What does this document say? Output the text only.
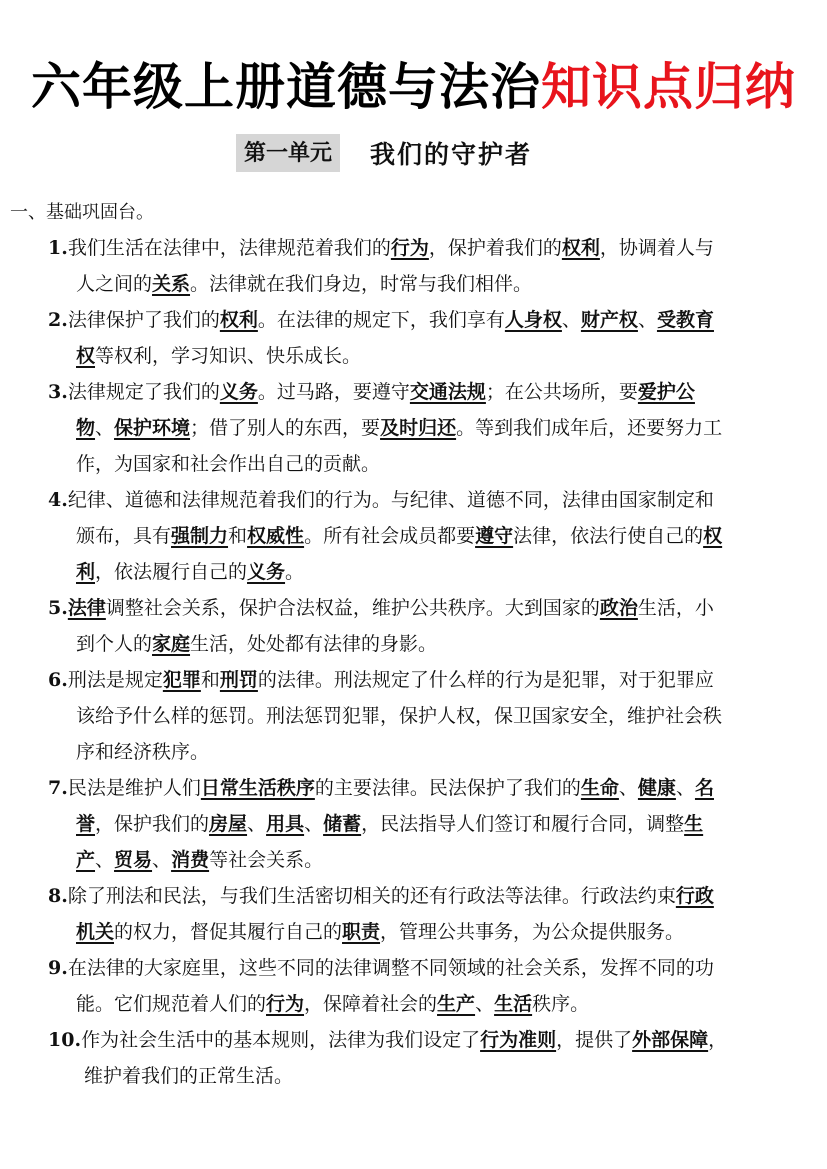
六年级上册道德与法治知识点归纳
第一单元	我们的守护者
一、基础巩固台。
1.我们生活在法律中，法律规范着我们的行为，保护着我们的权利，协调着人与
人之间的关系。法律就在我们身边，时常与我们相伴。
2.法律保护了我们的权利。在法律的规定下，我们享有人身权、财产权、受教育
权等权利，学习知识、快乐成长。
3.法律规定了我们的义务。过马路，要遵守交通法规；在公共场所，要爱护公
物、保护环境；借了别人的东西，要及时归还。等到我们成年后，还要努力工
作，为国家和社会作出自己的贡献。
4.纪律、道德和法律规范着我们的行为。与纪律、道德不同，法律由国家制定和
颁布，具有强制力和权威性。所有社会成员都要遵守法律，依法行使自己的权
利，依法履行自己的义务。
5.法律调整社会关系，保护合法权益，维护公共秩序。大到国家的政治生活，小
到个人的家庭生活，处处都有法律的身影。
6.刑法是规定犯罪和刑罚的法律。刑法规定了什么样的行为是犯罪，对于犯罪应
该给予什么样的惩罚。刑法惩罚犯罪，保护人权，保卫国家安全，维护社会秩
序和经济秩序。
7.民法是维护人们日常生活秩序的主要法律。民法保护了我们的生命、健康、名
誉，保护我们的房屋、用具、储蓄，民法指导人们签订和履行合同，调整生
产、贸易、消费等社会关系。
8.除了刑法和民法，与我们生活密切相关的还有行政法等法律。行政法约束行政
机关的权力，督促其履行自己的职责，管理公共事务，为公众提供服务。
9.在法律的大家庭里，这些不同的法律调整不同领域的社会关系，发挥不同的功
能。它们规范着人们的行为，保障着社会的生产、生活秩序。
10.作为社会生活中的基本规则，法律为我们设定了行为准则，提供了外部保障，
维护着我们的正常生活。
